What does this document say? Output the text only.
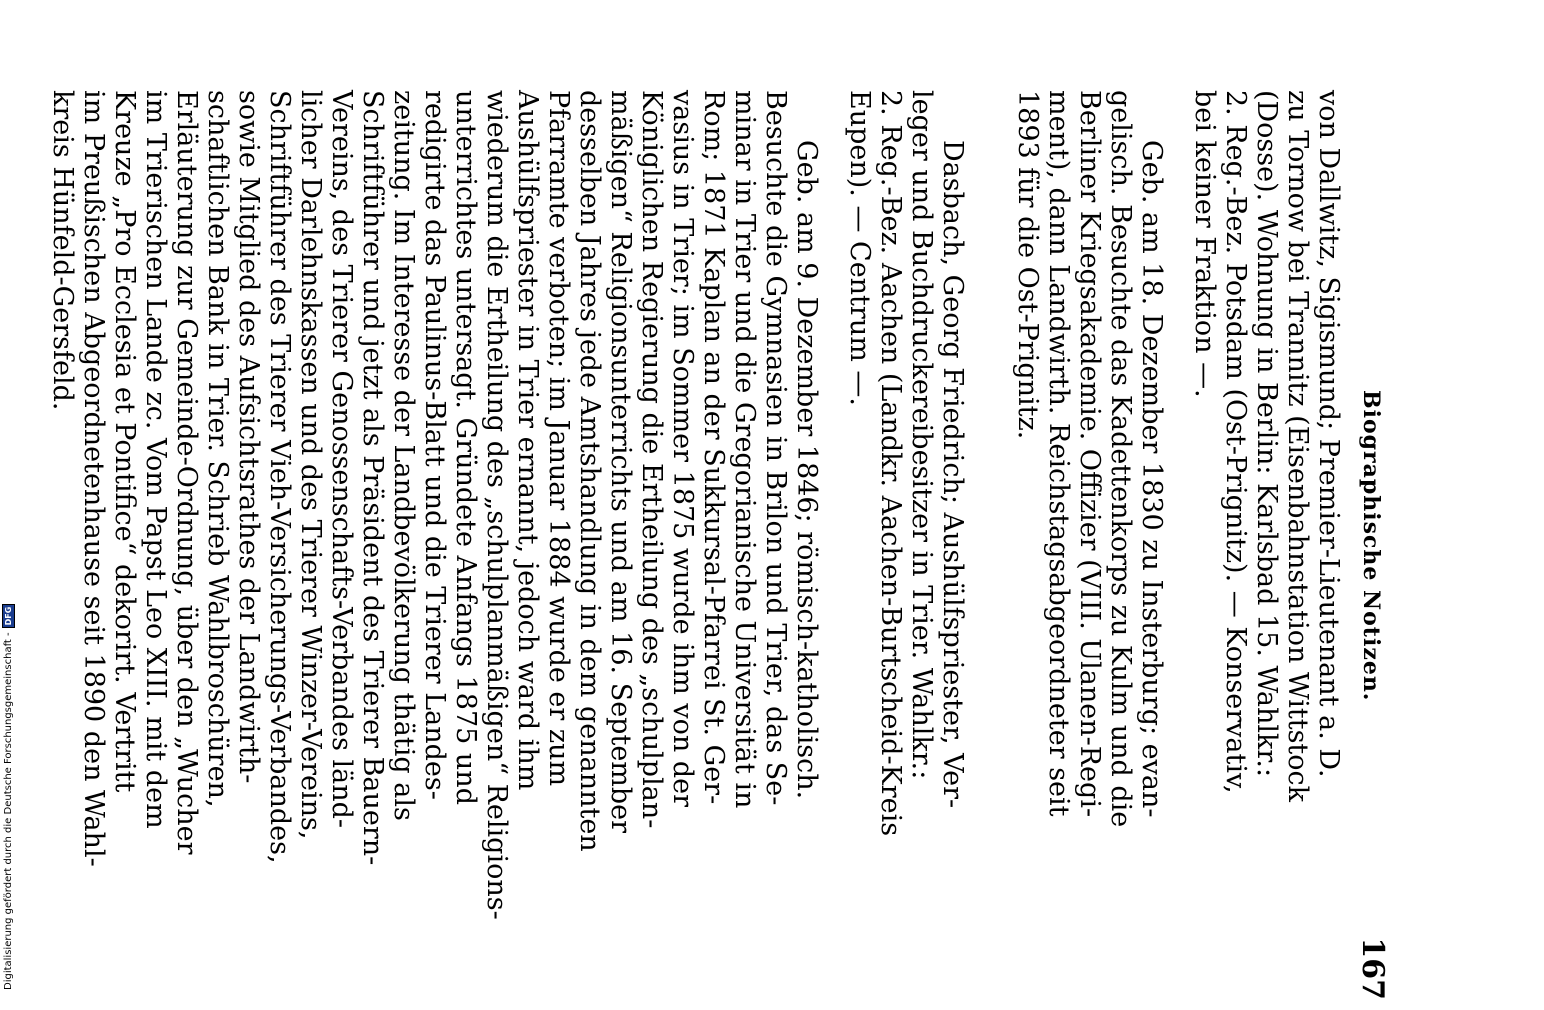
Biographische Notizen.
167

von Dallwitz, Sigismund; Premier-Lieutenant a. D.

zu Tornow bei Trannitz (Eisenbahnstation Wittstock

(Dosse). Wohnung in Berlin: Karlsbad 15. Wahlkr.:

2. Reg.-Bez. Potsdam (Ost-Prignitz). — Konservativ,

bei keiner Fraktion —.

Geb. am 18. Dezember 1830 zu Insterburg; evan-

gelisch. Besuchte das Kadettenkorps zu Kulm und die

Berliner Kriegsakademie. Offizier (VIII. Ulanen-Regi-

ment), dann Landwirth. Reichstagsabgeordneter seit

1893 für die Ost-Prignitz.

Dasbach, Georg Friedrich; Aushülfspriester, Ver-

leger und Buchdruckereibesitzer in Trier. Wahlkr.:

2. Reg.-Bez. Aachen (Landkr. Aachen-Burtscheid-Kreis

Eupen). — Centrum —.

Geb. am 9. Dezember 1846; römisch-katholisch.

Besuchte die Gymnasien in Brilon und Trier, das Se-

minar in Trier und die Gregorianische Universität in

Rom; 1871 Kaplan an der Sukkursal-Pfarrei St. Ger-

vasius in Trier; im Sommer 1875 wurde ihm von der

Königlichen Regierung die Ertheilung des „schulplan-

mäßigen“ Religionsunterrichts und am 16. September

desselben Jahres jede Amtshandlung in dem genannten

Pfarramte verboten; im Januar 1884 wurde er zum

Aushülfspriester in Trier ernannt, jedoch ward ihm

wiederum die Ertheilung des „schulplanmäßigen“ Religions-

unterrichtes untersagt. Gründete Anfangs 1875 und

redigirte das Paulinus-Blatt und die Trierer Landes-

zeitung. Im Interesse der Landbevölkerung thätig als

Schriftführer und jetzt als Präsident des Trierer Bauern-

Vereins, des Trierer Genossenschafts-Verbandes länd-

licher Darlehnskassen und des Trierer Winzer-Vereins,

Schriftführer des Trierer Vieh-Versicherungs-Verbandes,

sowie Mitglied des Aufsichtsrathes der Landwirth-

schaftlichen Bank in Trier. Schrieb Wahlbroschüren,

Erläuterung zur Gemeinde-Ordnung, über den „Wucher

im Trierischen Lande zc. Vom Papst Leo XIII. mit dem

Kreuze „Pro Ecclesia et Pontifice“ dekorirt. Vertritt

im Preußischen Abgeordnetenhause seit 1890 den Wahl-

kreis Hünfeld-Gersfeld.

Digitalisierung gefördert durch die Deutsche Forschungsgemeinschaft -
DFG
